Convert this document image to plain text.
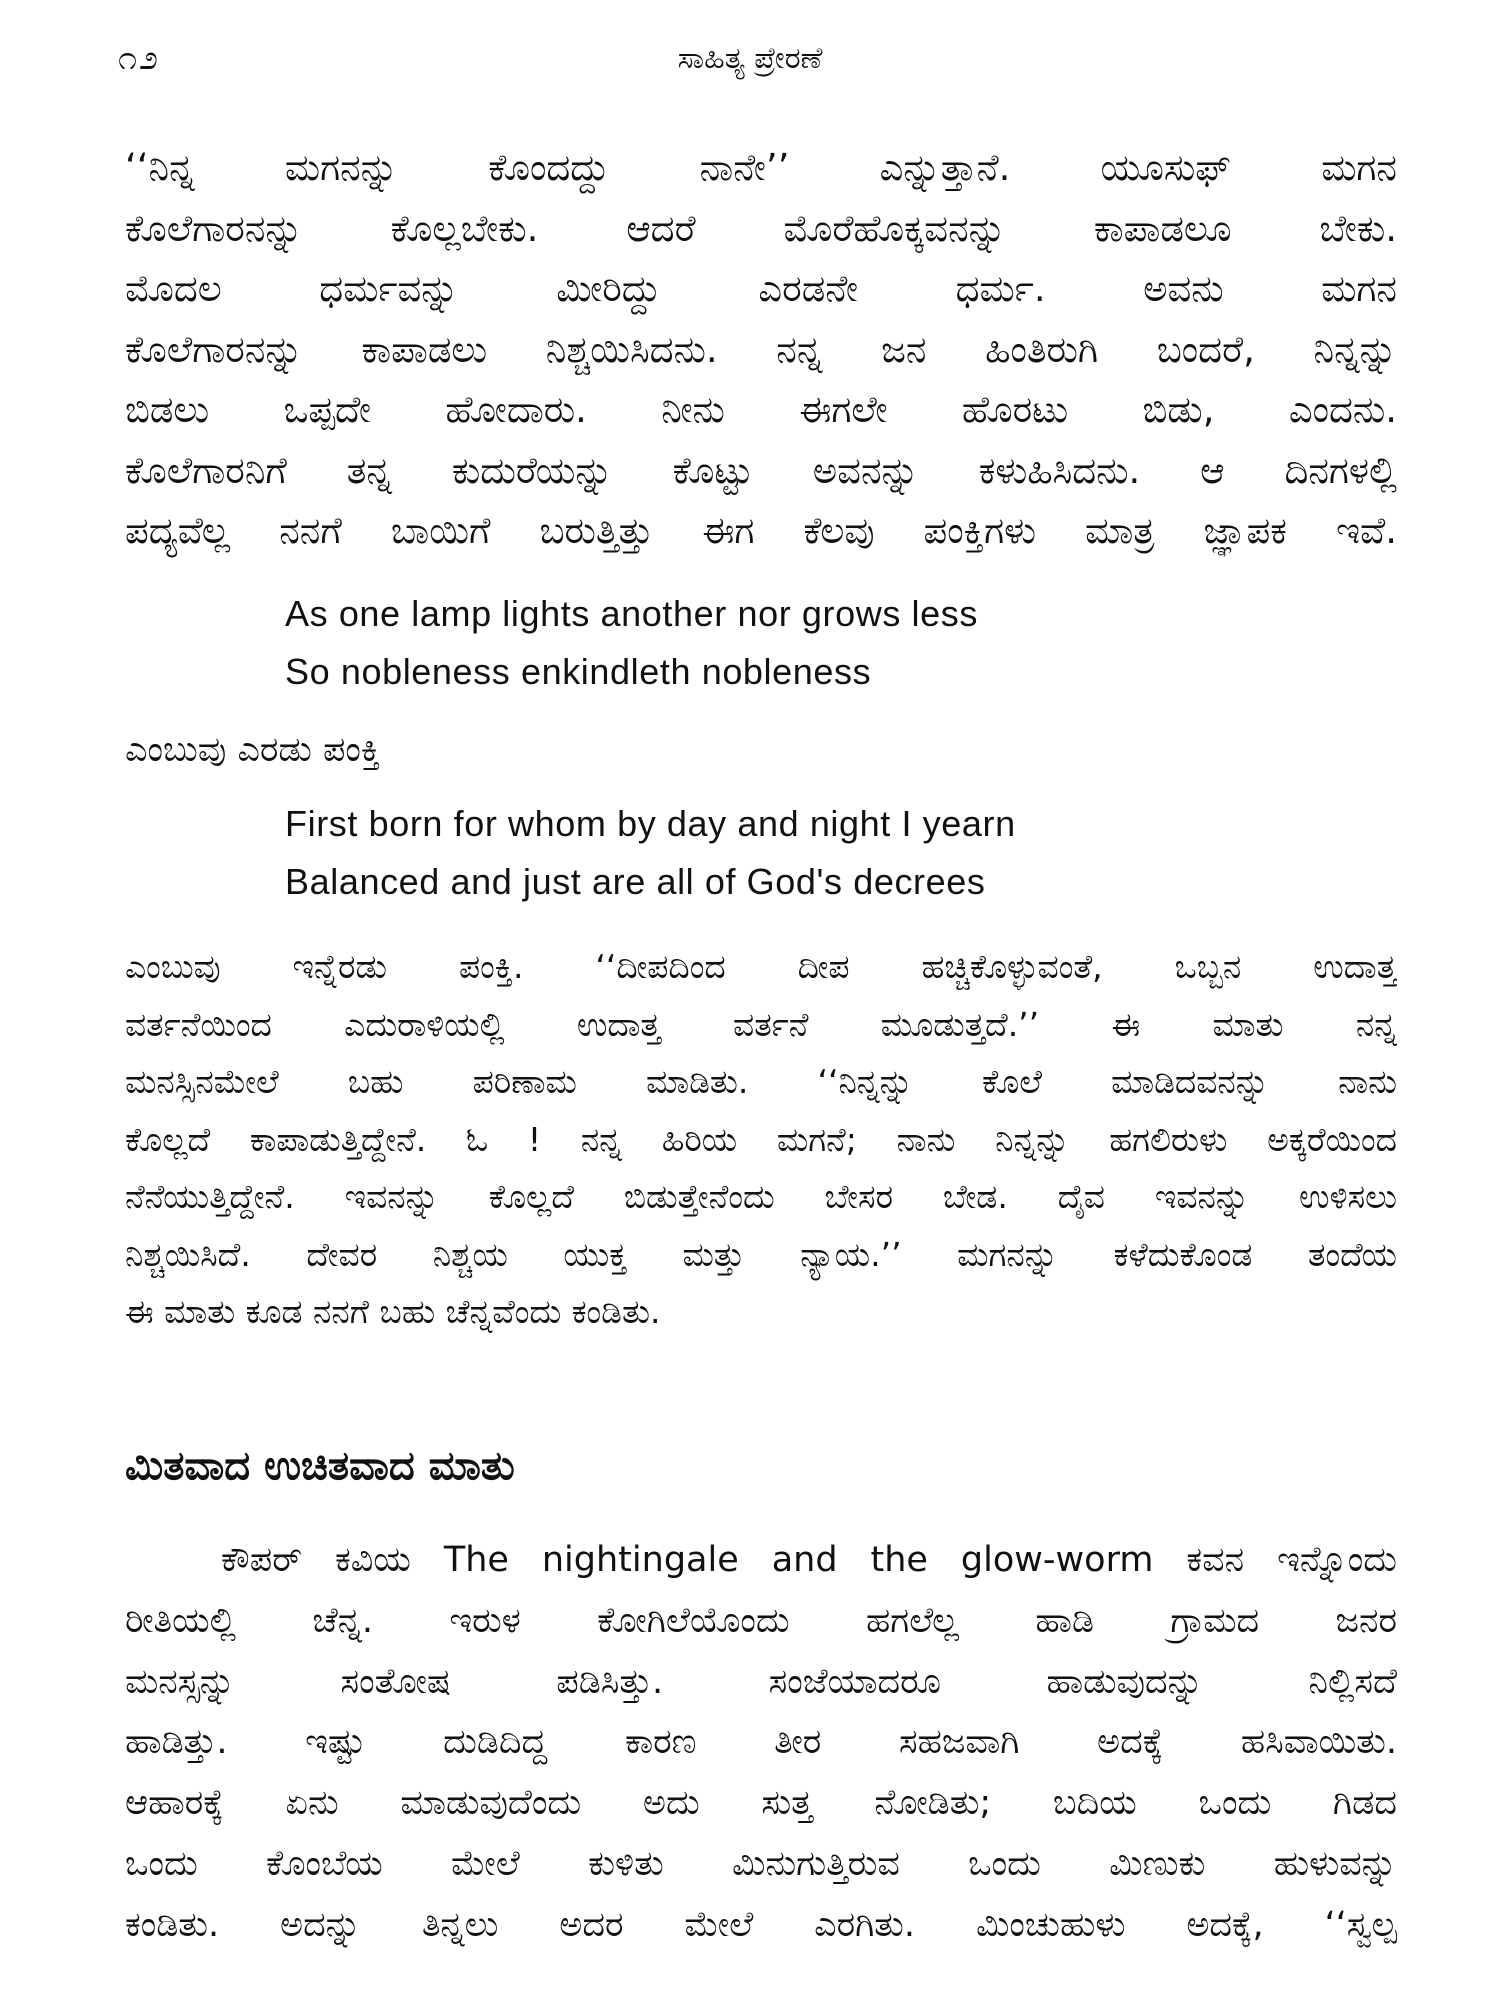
೧೨	ಸಾಹಿತ್ಯ ಪ್ರೇರಣೆ
‘‘ನಿನ್ನ ಮಗನನ್ನು ಕೊಂದದ್ದು ನಾನೇ’’ ಎನ್ನುತ್ತಾನೆ. ಯೂಸುಫ್ ಮಗನ
ಕೊಲೆಗಾರನನ್ನು ಕೊಲ್ಲಬೇಕು. ಆದರೆ ಮೊರೆಹೊಕ್ಕವನನ್ನು ಕಾಪಾಡಲೂ ಬೇಕು.
ಮೊದಲ ಧರ್ಮವನ್ನು ಮೀರಿದ್ದು ಎರಡನೇ ಧರ್ಮ. ಅವನು ಮಗನ
ಕೊಲೆಗಾರನನ್ನು ಕಾಪಾಡಲು ನಿಶ್ಚಯಿಸಿದನು. ನನ್ನ ಜನ ಹಿಂತಿರುಗಿ ಬಂದರೆ, ನಿನ್ನನ್ನು
ಬಿಡಲು ಒಪ್ಪದೇ ಹೋದಾರು. ನೀನು ಈಗಲೇ ಹೊರಟು ಬಿಡು, ಎಂದನು.
ಕೊಲೆಗಾರನಿಗೆ ತನ್ನ ಕುದುರೆಯನ್ನು ಕೊಟ್ಟು ಅವನನ್ನು ಕಳುಹಿಸಿದನು. ಆ ದಿನಗಳಲ್ಲಿ
ಪದ್ಯವೆಲ್ಲ ನನಗೆ ಬಾಯಿಗೆ ಬರುತ್ತಿತ್ತು ಈಗ ಕೆಲವು ಪಂಕ್ತಿಗಳು ಮಾತ್ರ ಜ್ಞಾಪಕ ಇವೆ.
As one lamp lights another nor grows less
So nobleness enkindleth nobleness
ಎಂಬುವು ಎರಡು ಪಂಕ್ತಿ
First born for whom by day and night I yearn
Balanced and just are all of God's decrees
ಎಂಬುವು ಇನ್ನೆರಡು ಪಂಕ್ತಿ. ‘‘ದೀಪದಿಂದ ದೀಪ ಹಚ್ಚಿಕೊಳ್ಳುವಂತೆ, ಒಬ್ಬನ ಉದಾತ್ತ
ವರ್ತನೆಯಿಂದ ಎದುರಾಳಿಯಲ್ಲಿ ಉದಾತ್ತ ವರ್ತನೆ ಮೂಡುತ್ತದೆ.’’ ಈ ಮಾತು ನನ್ನ
ಮನಸ್ಸಿನಮೇಲೆ ಬಹು ಪರಿಣಾಮ ಮಾಡಿತು. ‘‘ನಿನ್ನನ್ನು ಕೊಲೆ ಮಾಡಿದವನನ್ನು ನಾನು
ಕೊಲ್ಲದೆ ಕಾಪಾಡುತ್ತಿದ್ದೇನೆ. ಓ ! ನನ್ನ ಹಿರಿಯ ಮಗನೆ; ನಾನು ನಿನ್ನನ್ನು ಹಗಲಿರುಳು ಅಕ್ಕರೆಯಿಂದ
ನೆನೆಯುತ್ತಿದ್ದೇನೆ. ಇವನನ್ನು ಕೊಲ್ಲದೆ ಬಿಡುತ್ತೇನೆಂದು ಬೇಸರ ಬೇಡ. ದೈವ ಇವನನ್ನು ಉಳಿಸಲು
ನಿಶ್ಚಯಿಸಿದೆ. ದೇವರ ನಿಶ್ಚಯ ಯುಕ್ತ ಮತ್ತು ನ್ಯಾಯ.’’ ಮಗನನ್ನು ಕಳೆದುಕೊಂಡ ತಂದೆಯ
ಈ ಮಾತು ಕೂಡ ನನಗೆ ಬಹು ಚೆನ್ನವೆಂದು ಕಂಡಿತು.
ಮಿತವಾದ ಉಚಿತವಾದ ಮಾತು
ಕೌಪರ್ ಕವಿಯ The nightingale and the glow-worm ಕವನ ಇನ್ನೊಂದು
ರೀತಿಯಲ್ಲಿ ಚೆನ್ನ. ಇರುಳ ಕೋಗಿಲೆಯೊಂದು ಹಗಲೆಲ್ಲ ಹಾಡಿ ಗ್ರಾಮದ ಜನರ
ಮನಸ್ಸನ್ನು ಸಂತೋಷ ಪಡಿಸಿತ್ತು. ಸಂಜೆಯಾದರೂ ಹಾಡುವುದನ್ನು ನಿಲ್ಲಿಸದೆ
ಹಾಡಿತ್ತು. ಇಷ್ಟು ದುಡಿದಿದ್ದ ಕಾರಣ ತೀರ ಸಹಜವಾಗಿ ಅದಕ್ಕೆ ಹಸಿವಾಯಿತು.
ಆಹಾರಕ್ಕೆ ಏನು ಮಾಡುವುದೆಂದು ಅದು ಸುತ್ತ ನೋಡಿತು; ಬದಿಯ ಒಂದು ಗಿಡದ
ಒಂದು ಕೊಂಬೆಯ ಮೇಲೆ ಕುಳಿತು ಮಿನುಗುತ್ತಿರುವ ಒಂದು ಮಿಣುಕು ಹುಳುವನ್ನು
ಕಂಡಿತು. ಅದನ್ನು ತಿನ್ನಲು ಅದರ ಮೇಲೆ ಎರಗಿತು. ಮಿಂಚುಹುಳು ಅದಕ್ಕೆ, ‘‘ಸ್ವಲ್ಪ
